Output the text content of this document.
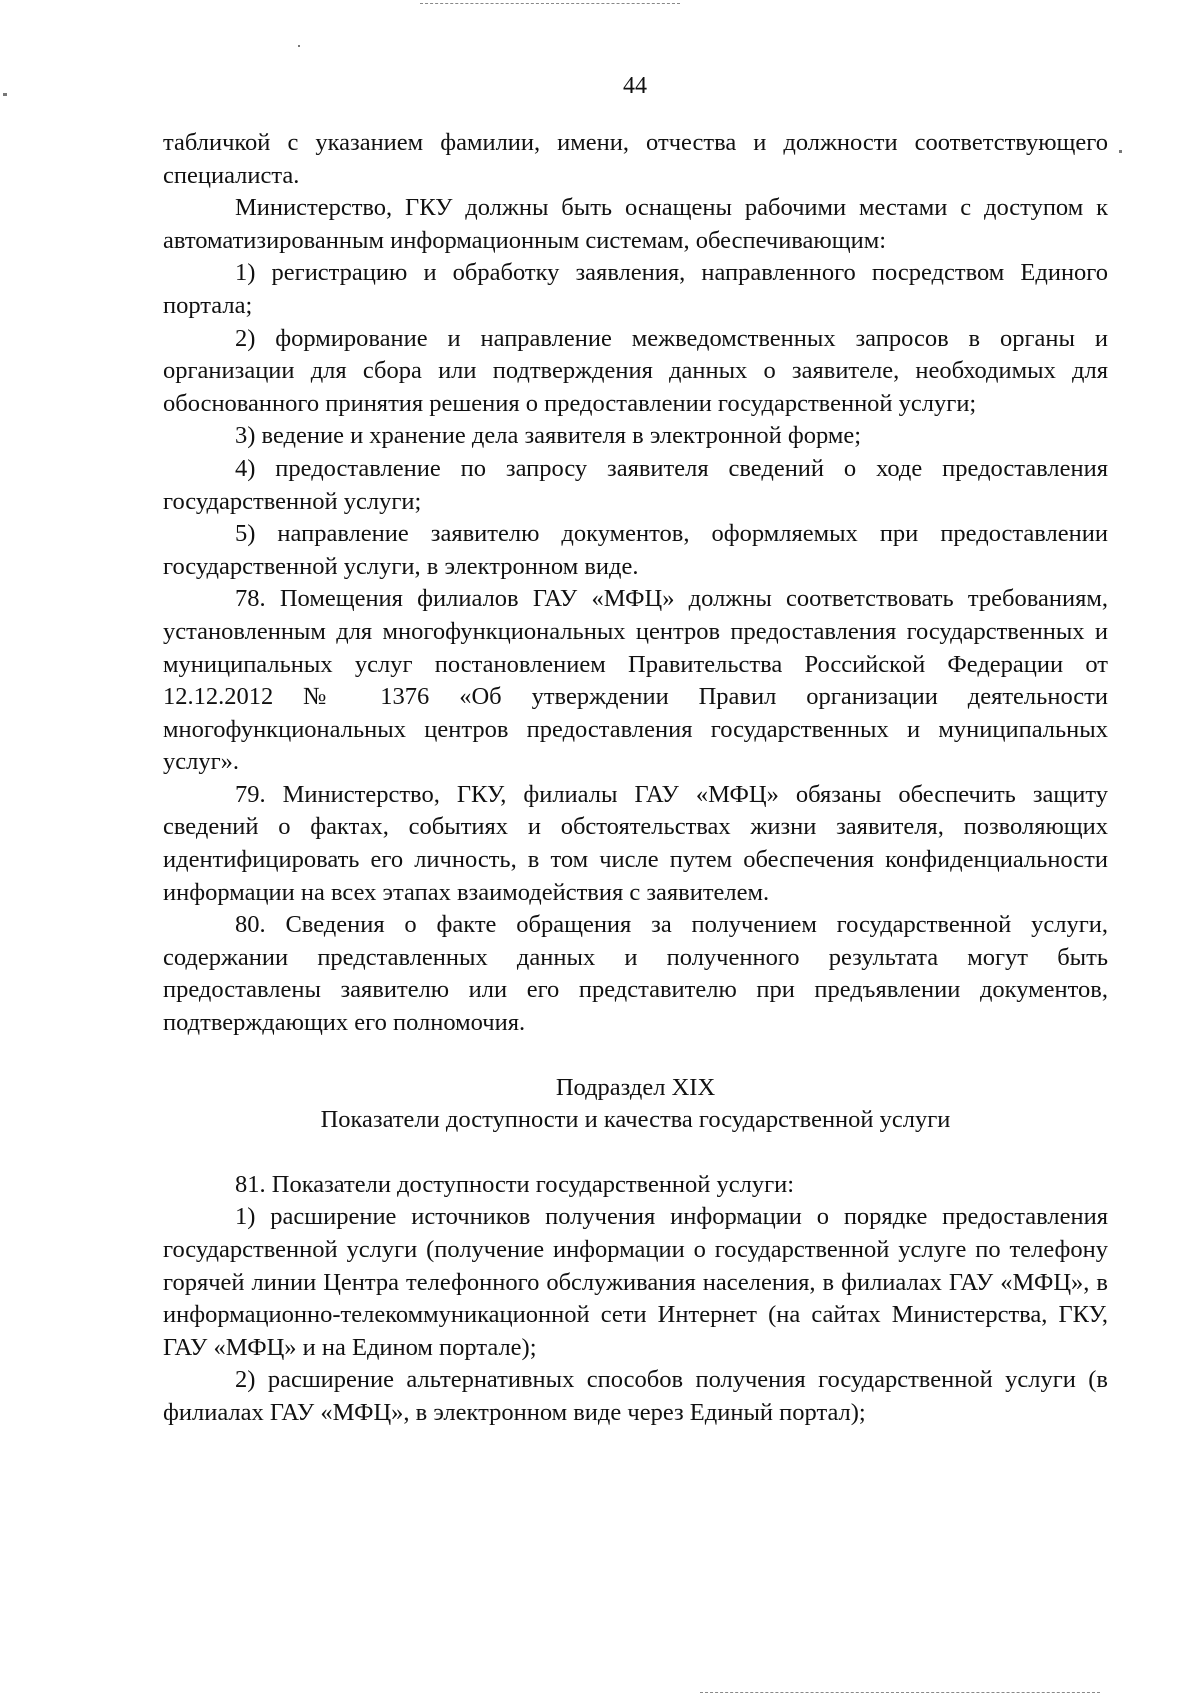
44

табличкой с указанием фамилии, имени, отчества и должности соответствующего специалиста.

Министерство, ГКУ должны быть оснащены рабочими местами с доступом к автоматизированным информационным системам, обеспечивающим:

1) регистрацию и обработку заявления, направленного посредством Единого портала;

2) формирование и направление межведомственных запросов в органы и организации для сбора или подтверждения данных о заявителе, необходимых для обоснованного принятия решения о предоставлении государственной услуги;

3) ведение и хранение дела заявителя в электронной форме;

4) предоставление по запросу заявителя сведений о ходе предоставления государственной услуги;

5) направление заявителю документов, оформляемых при предоставлении государственной услуги, в электронном виде.

78. Помещения филиалов ГАУ «МФЦ» должны соответствовать требованиям, установленным для многофункциональных центров предоставления государственных и муниципальных услуг постановлением Правительства Российской Федерации от 12.12.2012 № 1376 «Об утверждении Правил организации деятельности многофункциональных центров предоставления государственных и муниципальных услуг».

79. Министерство, ГКУ, филиалы ГАУ «МФЦ» обязаны обеспечить защиту сведений о фактах, событиях и обстоятельствах жизни заявителя, позволяющих идентифицировать его личность, в том числе путем обеспечения конфиденциальности информации на всех этапах взаимодействия с заявителем.

80. Сведения о факте обращения за получением государственной услуги, содержании представленных данных и полученного результата могут быть предоставлены заявителю или его представителю при предъявлении документов, подтверждающих его полномочия.

Подраздел XIX
Показатели доступности и качества государственной услуги

81. Показатели доступности государственной услуги:

1) расширение источников получения информации о порядке предоставления государственной услуги (получение информации о государственной услуге по телефону горячей линии Центра телефонного обслуживания населения, в филиалах ГАУ «МФЦ», в информационно-телекоммуникационной сети Интернет (на сайтах Министерства, ГКУ, ГАУ «МФЦ» и на Едином портале);

2) расширение альтернативных способов получения государственной услуги (в филиалах ГАУ «МФЦ», в электронном виде через Единый портал);
